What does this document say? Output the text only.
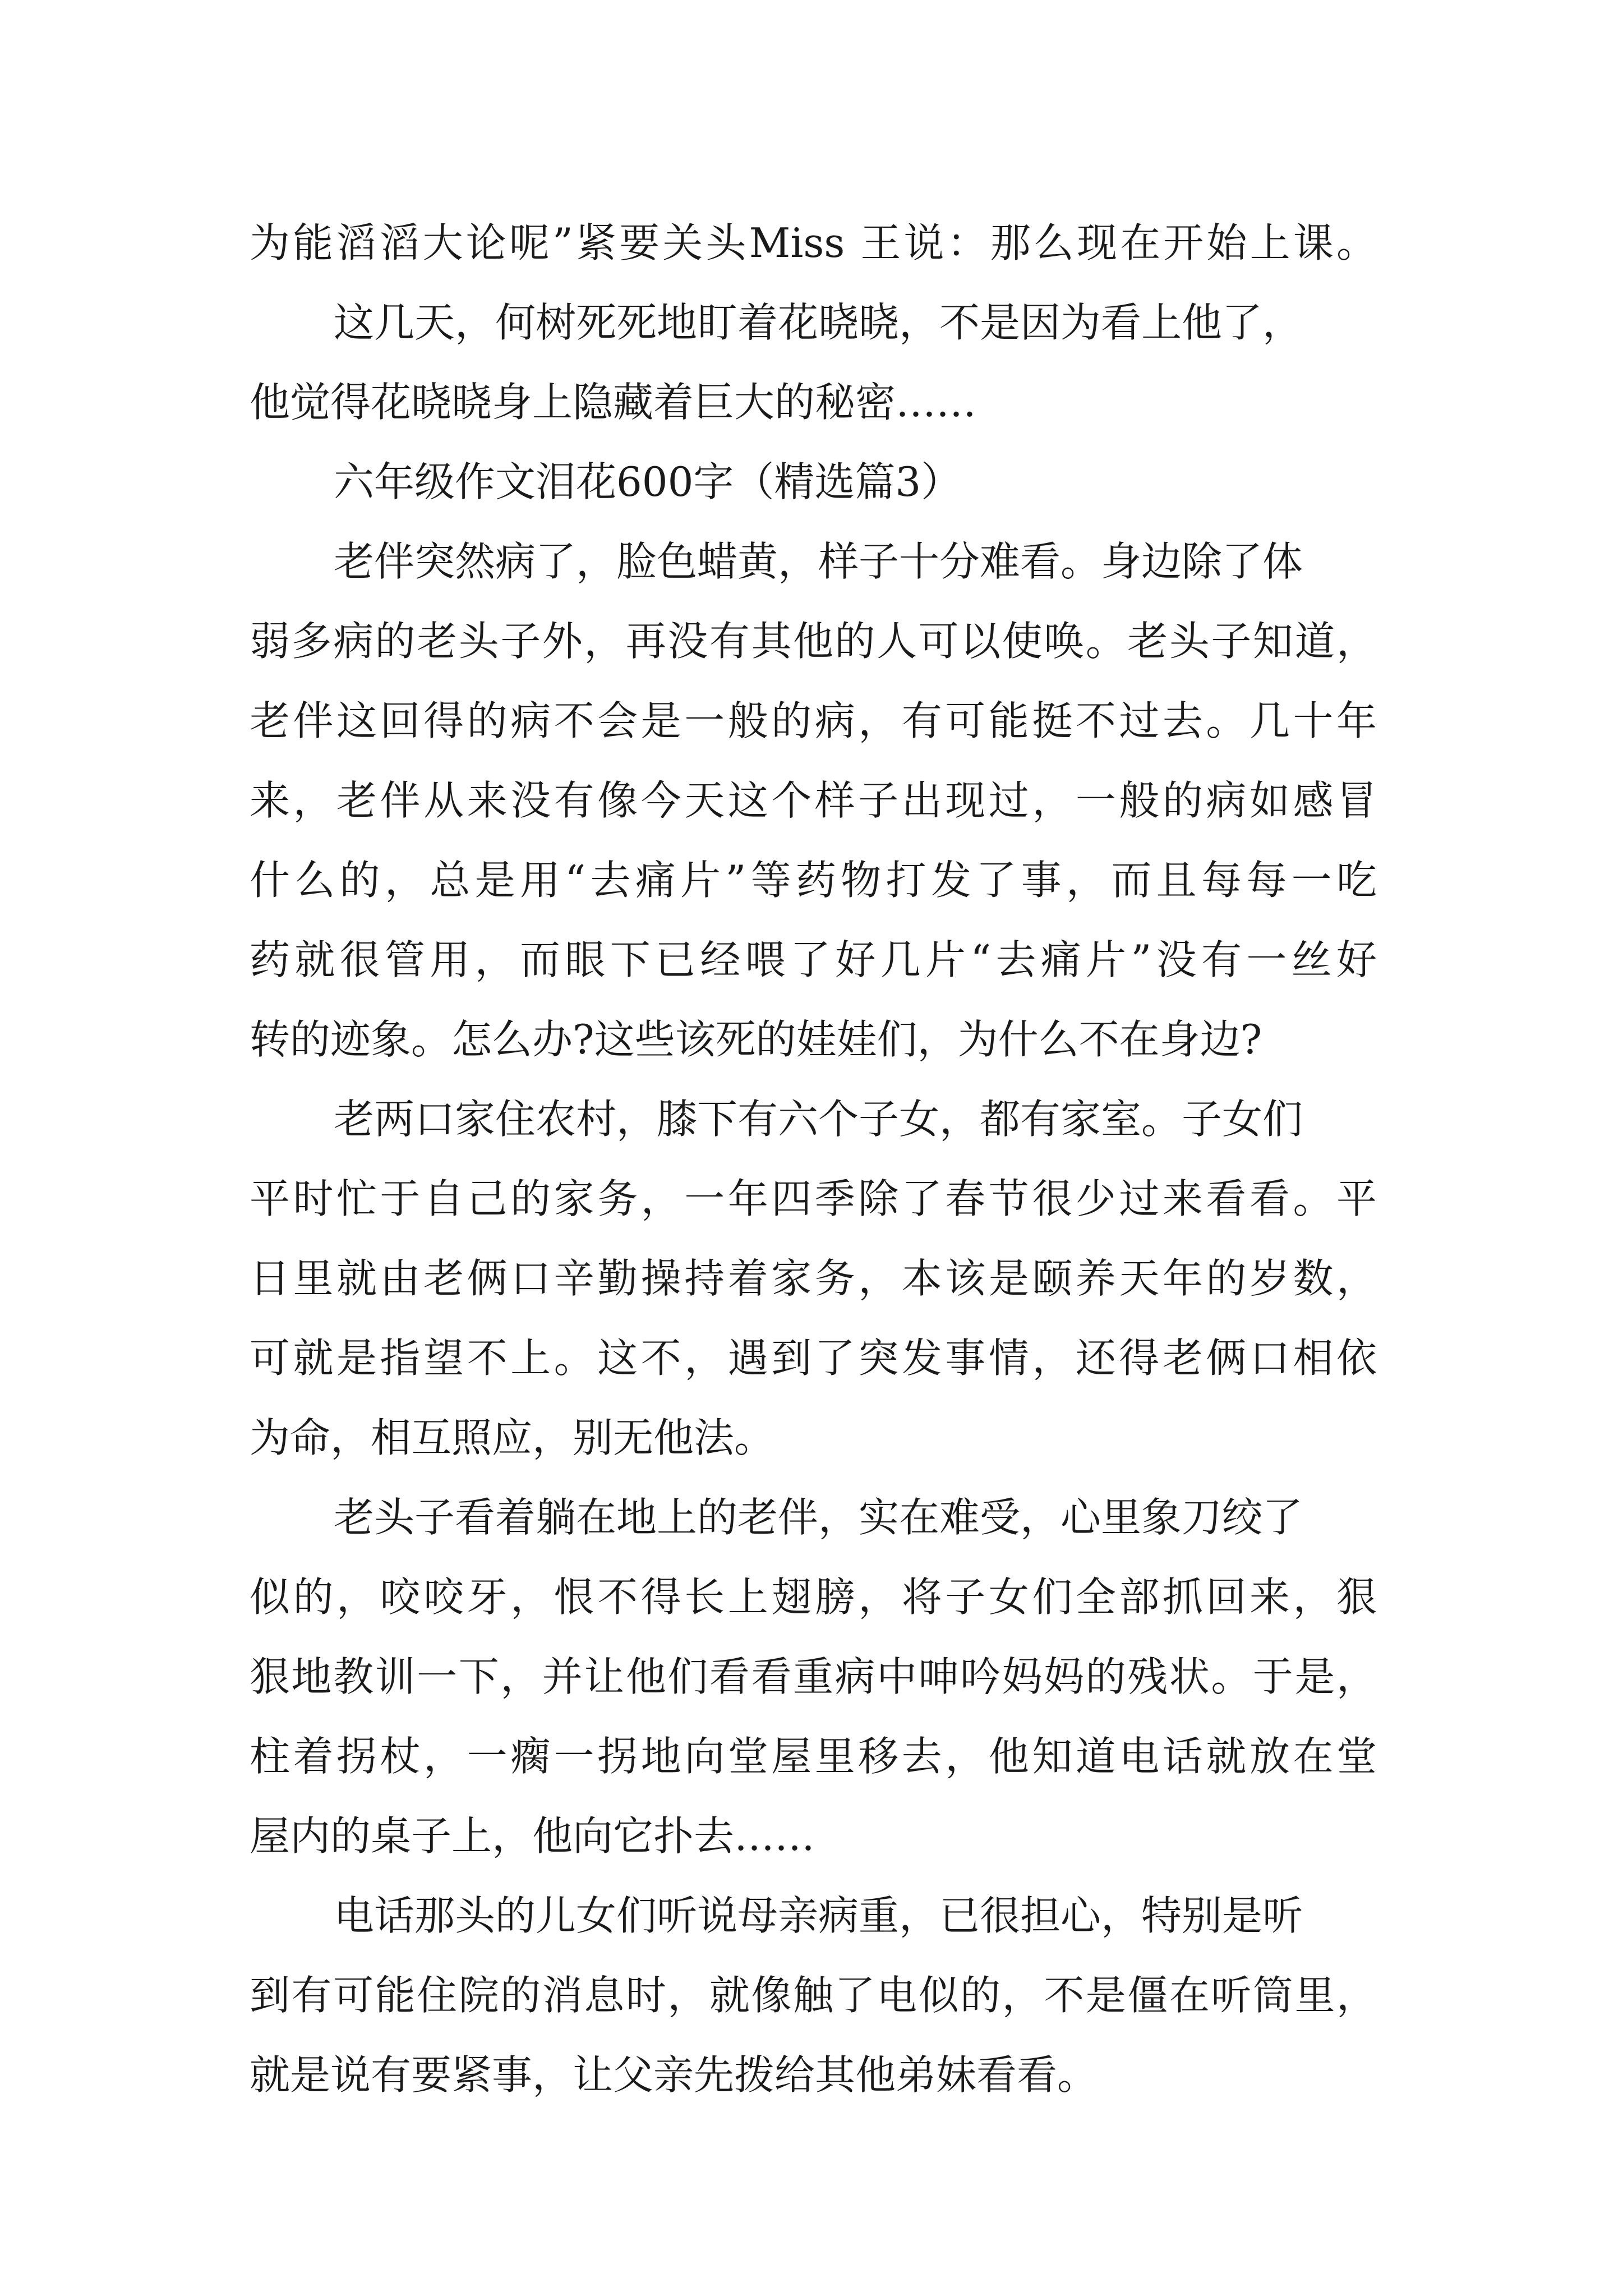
为能滔滔大论呢”紧要关头Miss 王说：那么现在开始上课。
这几天，何树死死地盯着花晓晓，不是因为看上他了，
他觉得花晓晓身上隐藏着巨大的秘密……
六年级作文泪花600字（精选篇3）
老伴突然病了，脸色蜡黄，样子十分难看。身边除了体
弱多病的老头子外，再没有其他的人可以使唤。老头子知道，
老伴这回得的病不会是一般的病，有可能挺不过去。几十年
来，老伴从来没有像今天这个样子出现过，一般的病如感冒
什么的，总是用“去痛片”等药物打发了事，而且每每一吃
药就很管用，而眼下已经喂了好几片“去痛片”没有一丝好
转的迹象。怎么办?这些该死的娃娃们，为什么不在身边?
老两口家住农村，膝下有六个子女，都有家室。子女们
平时忙于自己的家务，一年四季除了春节很少过来看看。平
日里就由老俩口辛勤操持着家务，本该是颐养天年的岁数，
可就是指望不上。这不，遇到了突发事情，还得老俩口相依
为命，相互照应，别无他法。
老头子看着躺在地上的老伴，实在难受，心里象刀绞了
似的，咬咬牙，恨不得长上翅膀，将子女们全部抓回来，狠
狠地教训一下，并让他们看看重病中呻吟妈妈的残状。于是，
柱着拐杖，一瘸一拐地向堂屋里移去，他知道电话就放在堂
屋内的桌子上，他向它扑去……
电话那头的儿女们听说母亲病重，已很担心，特别是听
到有可能住院的消息时，就像触了电似的，不是僵在听筒里，
就是说有要紧事，让父亲先拨给其他弟妹看看。
